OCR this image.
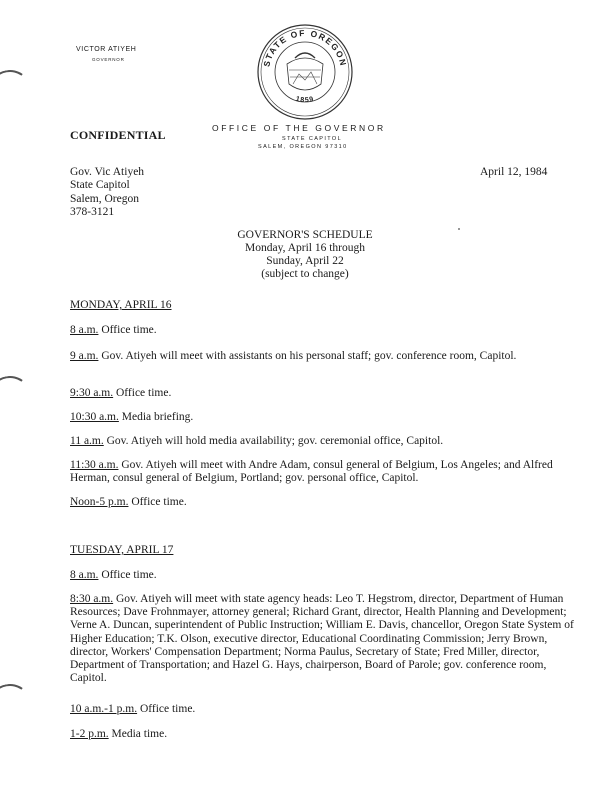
VICTOR ATIYEH
GOVERNOR	STATE OF OREGON
1859
CONFIDENTIAL	OFFICE OF THE GOVERNOR
STATE CAPITOL
SALEM, OREGON 97310
Gov. Vic Atiyeh
State Capitol
Salem, Oregon
378-3121
April 12, 1984
GOVERNOR'S SCHEDULE
Monday, April 16 through
Sunday, April 22
(subject to change)
MONDAY, APRIL 16
8 a.m. Office time.
9 a.m. Gov. Atiyeh will meet with assistants on his personal staff; gov. conference room, Capitol.
9:30 a.m. Office time.
10:30 a.m. Media briefing.
11 a.m. Gov. Atiyeh will hold media availability; gov. ceremonial office, Capitol.
11:30 a.m. Gov. Atiyeh will meet with Andre Adam, consul general of Belgium, Los Angeles; and Alfred Herman, consul general of Belgium, Portland; gov. personal office, Capitol.
Noon-5 p.m. Office time.
TUESDAY, APRIL 17
8 a.m. Office time.
8:30 a.m. Gov. Atiyeh will meet with state agency heads: Leo T. Hegstrom, director, Department of Human Resources; Dave Frohnmayer, attorney general; Richard Grant, director, Health Planning and Development; Verne A. Duncan, superintendent of Public Instruction; William E. Davis, chancellor, Oregon State System of Higher Education; T.K. Olson, executive director, Educational Coordinating Commission; Jerry Brown, director, Workers' Compensation Department; Norma Paulus, Secretary of State; Fred Miller, director, Department of Transportation; and Hazel G. Hays, chairperson, Board of Parole; gov. conference room, Capitol.
10 a.m.-1 p.m. Office time.
1-2 p.m. Media time.
